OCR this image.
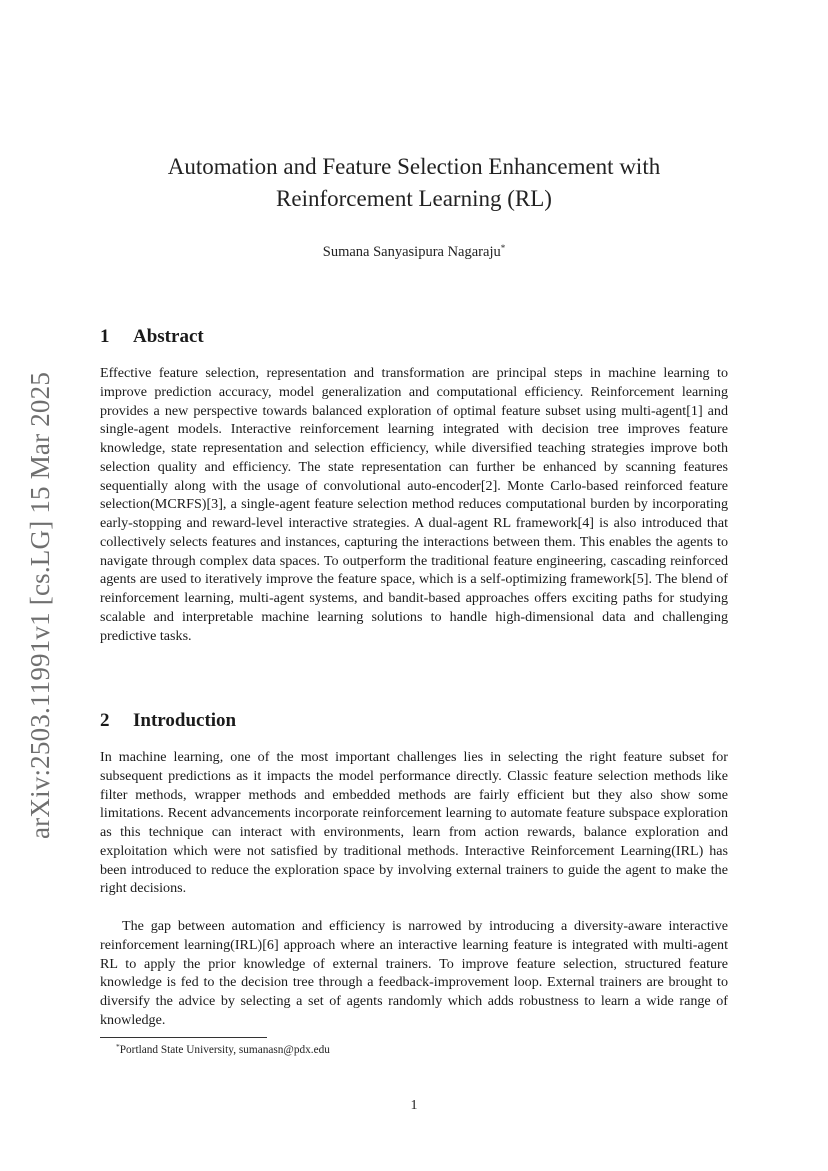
arXiv:2503.11991v1 [cs.LG] 15 Mar 2025
Automation and Feature Selection Enhancement with
Reinforcement Learning (RL)
Sumana Sanyasipura Nagaraju*
1 Abstract

Effective feature selection, representation and transformation are principal steps in machine learning to improve prediction accuracy, model generalization and computational efficiency. Reinforcement learning provides a new perspective towards balanced exploration of optimal feature subset using multi-agent[1] and single-agent models. Interactive reinforcement learning integrated with decision tree improves feature knowledge, state representation and selection efficiency, while diversified teaching strategies improve both selection quality and efficiency. The state representation can further be enhanced by scanning features sequentially along with the usage of convolutional auto-encoder[2]. Monte Carlo-based reinforced feature selection(MCRFS)[3], a single-agent feature selection method reduces computational burden by incorporating early-stopping and reward-level interactive strategies. A dual-agent RL framework[4] is also introduced that collectively selects features and instances, capturing the interactions between them. This enables the agents to navigate through complex data spaces. To outperform the traditional feature engineering, cascading reinforced agents are used to iteratively improve the feature space, which is a self-optimizing framework[5]. The blend of reinforcement learning, multi-agent systems, and bandit-based approaches offers exciting paths for studying scalable and interpretable machine learning solutions to handle high-dimensional data and challenging predictive tasks.

2 Introduction

In machine learning, one of the most important challenges lies in selecting the right feature subset for subsequent predictions as it impacts the model performance directly. Classic feature selection methods like filter methods, wrapper methods and embedded methods are fairly efficient but they also show some limitations. Recent advancements incorporate reinforcement learning to automate feature subspace exploration as this technique can interact with environments, learn from action rewards, balance exploration and exploitation which were not satisfied by traditional methods. Interactive Reinforcement Learning(IRL) has been introduced to reduce the exploration space by involving external trainers to guide the agent to make the right decisions.

The gap between automation and efficiency is narrowed by introducing a diversity-aware interactive reinforcement learning(IRL)[6] approach where an interactive learning feature is integrated with multi-agent RL to apply the prior knowledge of external trainers. To improve feature selection, structured feature knowledge is fed to the decision tree through a feedback-improvement loop. External trainers are brought to diversify the advice by selecting a set of agents randomly which adds robustness to learn a wide range of knowledge.

*Portland State University, sumanasn@pdx.edu
1
